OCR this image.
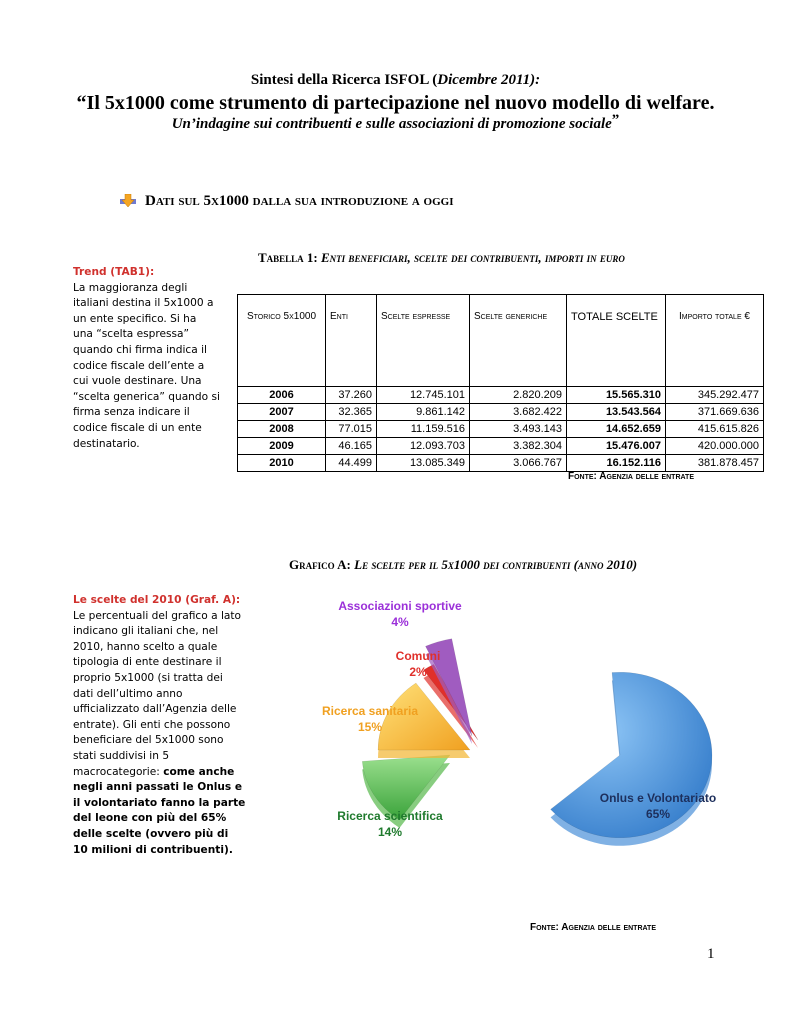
Sintesi della Ricerca ISFOL (Dicembre 2011):
“Il 5x1000 come strumento di partecipazione nel nuovo modello di welfare.
Un’indagine sui contribuenti e sulle associazioni di promozione sociale”
Dati sul 5x1000 dalla sua introduzione a oggi
Tabella 1: Enti beneficiari, scelte dei contribuenti, importi in euro
Trend (TAB1):
La maggioranza degli
italiani destina il 5x1000 a
un ente specifico. Si ha
una “scelta espressa”
quando chi firma indica il
codice fiscale dell’ente a
cui vuole destinare. Una
“scelta generica” quando si
firma senza indicare il
codice fiscale di un ente
destinatario.
Storico 5x1000	Enti	Scelte espresse	Scelte generiche	TOTALE SCELTE	Importo totale €
2006	37.260	12.745.101	2.820.209	15.565.310	345.292.477
2007	32.365	9.861.142	3.682.422	13.543.564	371.669.636
2008	77.015	11.159.516	3.493.143	14.652.659	415.615.826
2009	46.165	12.093.703	3.382.304	15.476.007	420.000.000
2010	44.499	13.085.349	3.066.767	16.152.116	381.878.457
Fonte: Agenzia delle entrate
Grafico A: Le scelte per il 5x1000 dei contribuenti (anno 2010)
Le scelte del 2010 (Graf. A):
Le percentuali del grafico a lato
indicano gli italiani che, nel
2010, hanno scelto a quale
tipologia di ente destinare il
proprio 5x1000 (si tratta dei
dati dell’ultimo anno
ufficializzato dall’Agenzia delle
entrate). Gli enti che possono
beneficiare del 5x1000 sono
stati suddivisi in 5
macrocategorie: come anche
negli anni passati le Onlus e
il volontariato fanno la parte
del leone con più del 65%
delle scelte (ovvero più di
10 milioni di contribuenti).
Onlus e Volontariato
65%
Ricerca scientifica
14%
Ricerca sanitaria
15%
Comuni
2%
Associazioni sportive
4%
Fonte: Agenzia delle entrate
1
